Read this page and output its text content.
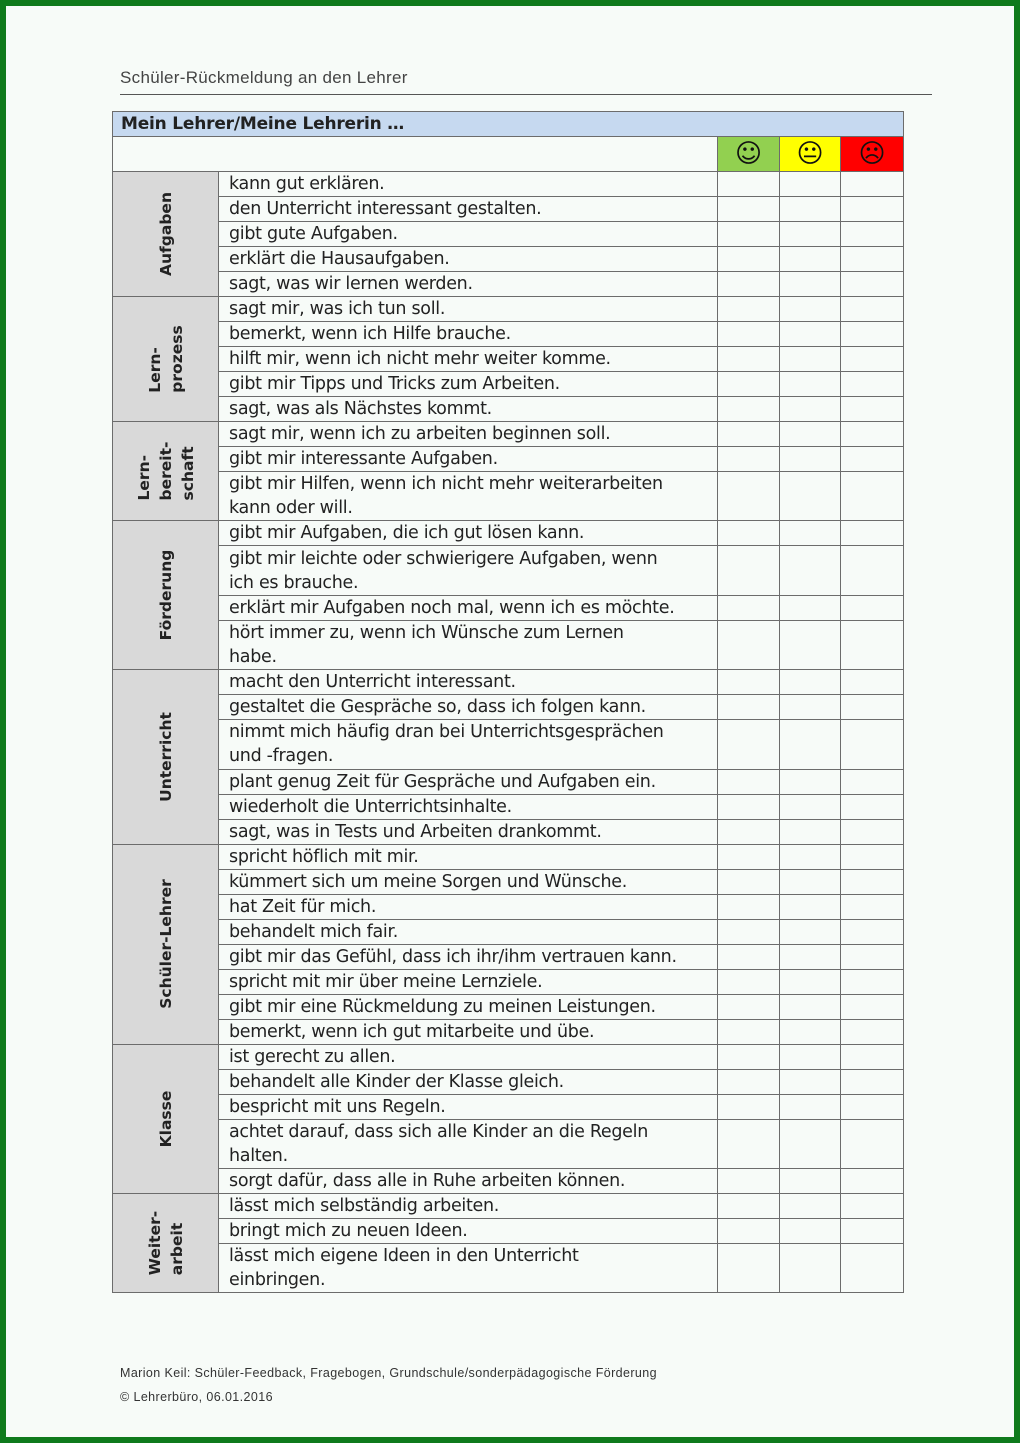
Schüler-Rückmeldung an den Lehrer
Mein Lehrer/Meine Lehrerin …				
		☺	😐	☹

Aufgaben	kann gut erklären.			
	den Unterricht interessant gestalten.			
	gibt gute Aufgaben.			
	erklärt die Hausaufgaben.			
	sagt, was wir lernen werden.			

Lern-
prozess	sagt mir, was ich tun soll.			
	bemerkt, wenn ich Hilfe brauche.			
	hilft mir, wenn ich nicht mehr weiter komme.			
	gibt mir Tipps und Tricks zum Arbeiten.			
	sagt, was als Nächstes kommt.			

Lern-
bereit-
schaft	sagt mir, wenn ich zu arbeiten beginnen soll.			
	gibt mir interessante Aufgaben.			
	gibt mir Hilfen, wenn ich nicht mehr weiterarbeiten
kann oder will.			

Förderung	gibt mir Aufgaben, die ich gut lösen kann.			
	gibt mir leichte oder schwierigere Aufgaben, wenn
ich es brauche.			
	erklärt mir Aufgaben noch mal, wenn ich es möchte.			
	hört immer zu, wenn ich Wünsche zum Lernen
habe.			

Unterricht	macht den Unterricht interessant.			
	gestaltet die Gespräche so, dass ich folgen kann.			
	nimmt mich häufig dran bei Unterrichtsgesprächen
und -fragen.			
	plant genug Zeit für Gespräche und Aufgaben ein.			
	wiederholt die Unterrichtsinhalte.			
	sagt, was in Tests und Arbeiten drankommt.			

Schüler-Lehrer	spricht höflich mit mir.			
	kümmert sich um meine Sorgen und Wünsche.			
	hat Zeit für mich.			
	behandelt mich fair.			
	gibt mir das Gefühl, dass ich ihr/ihm vertrauen kann.			
	spricht mit mir über meine Lernziele.			
	gibt mir eine Rückmeldung zu meinen Leistungen.			
	bemerkt, wenn ich gut mitarbeite und übe.			

Klasse	ist gerecht zu allen.			
	behandelt alle Kinder der Klasse gleich.			
	bespricht mit uns Regeln.			
	achtet darauf, dass sich alle Kinder an die Regeln
halten.			
	sorgt dafür, dass alle in Ruhe arbeiten können.			

Weiter-
arbeit	lässt mich selbständig arbeiten.			
	bringt mich zu neuen Ideen.			
	lässt mich eigene Ideen in den Unterricht
einbringen.			
Marion Keil: Schüler-Feedback, Fragebogen, Grundschule/sonderpädagogische Förderung
© Lehrerbüro, 06.01.2016
